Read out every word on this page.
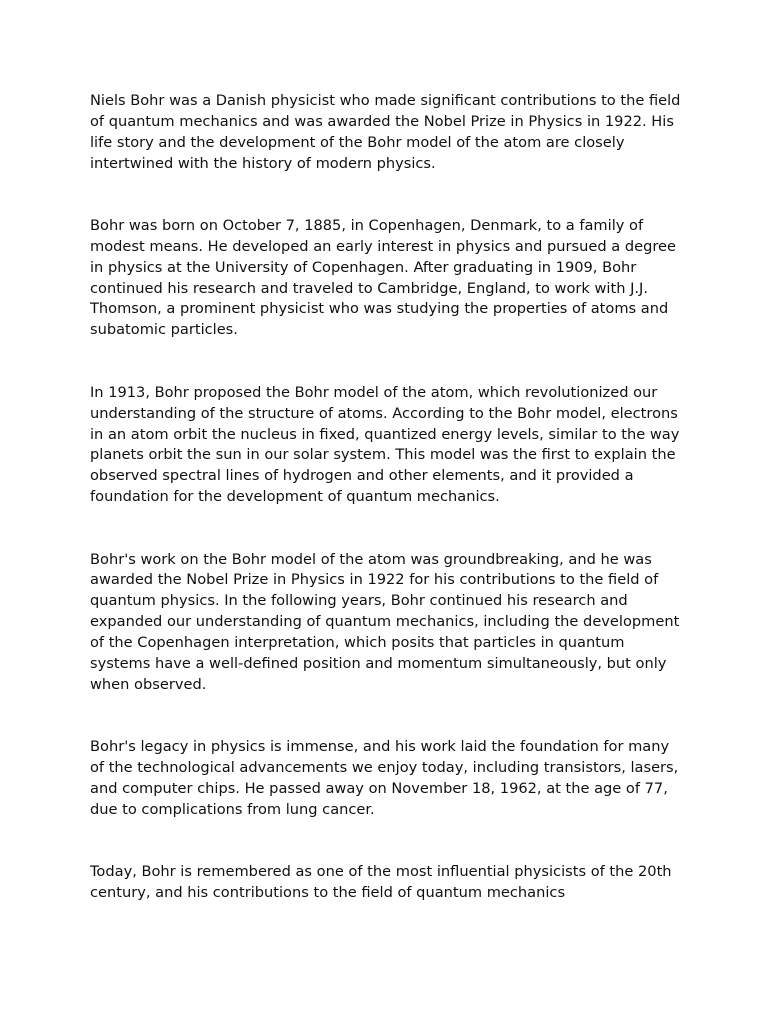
Niels Bohr was a Danish physicist who made significant contributions to the field of quantum mechanics and was awarded the Nobel Prize in Physics in 1922. His life story and the development of the Bohr model of the atom are closely intertwined with the history of modern physics.

Bohr was born on October 7, 1885, in Copenhagen, Denmark, to a family of modest means. He developed an early interest in physics and pursued a degree in physics at the University of Copenhagen. After graduating in 1909, Bohr continued his research and traveled to Cambridge, England, to work with J.J. Thomson, a prominent physicist who was studying the properties of atoms and subatomic particles.

In 1913, Bohr proposed the Bohr model of the atom, which revolutionized our understanding of the structure of atoms. According to the Bohr model, electrons in an atom orbit the nucleus in fixed, quantized energy levels, similar to the way planets orbit the sun in our solar system. This model was the first to explain the observed spectral lines of hydrogen and other elements, and it provided a foundation for the development of quantum mechanics.

Bohr's work on the Bohr model of the atom was groundbreaking, and he was awarded the Nobel Prize in Physics in 1922 for his contributions to the field of quantum physics. In the following years, Bohr continued his research and expanded our understanding of quantum mechanics, including the development of the Copenhagen interpretation, which posits that particles in quantum systems have a well-defined position and momentum simultaneously, but only when observed.

Bohr's legacy in physics is immense, and his work laid the foundation for many of the technological advancements we enjoy today, including transistors, lasers, and computer chips. He passed away on November 18, 1962, at the age of 77, due to complications from lung cancer.

Today, Bohr is remembered as one of the most influential physicists of the 20th century, and his contributions to the field of quantum mechanics
